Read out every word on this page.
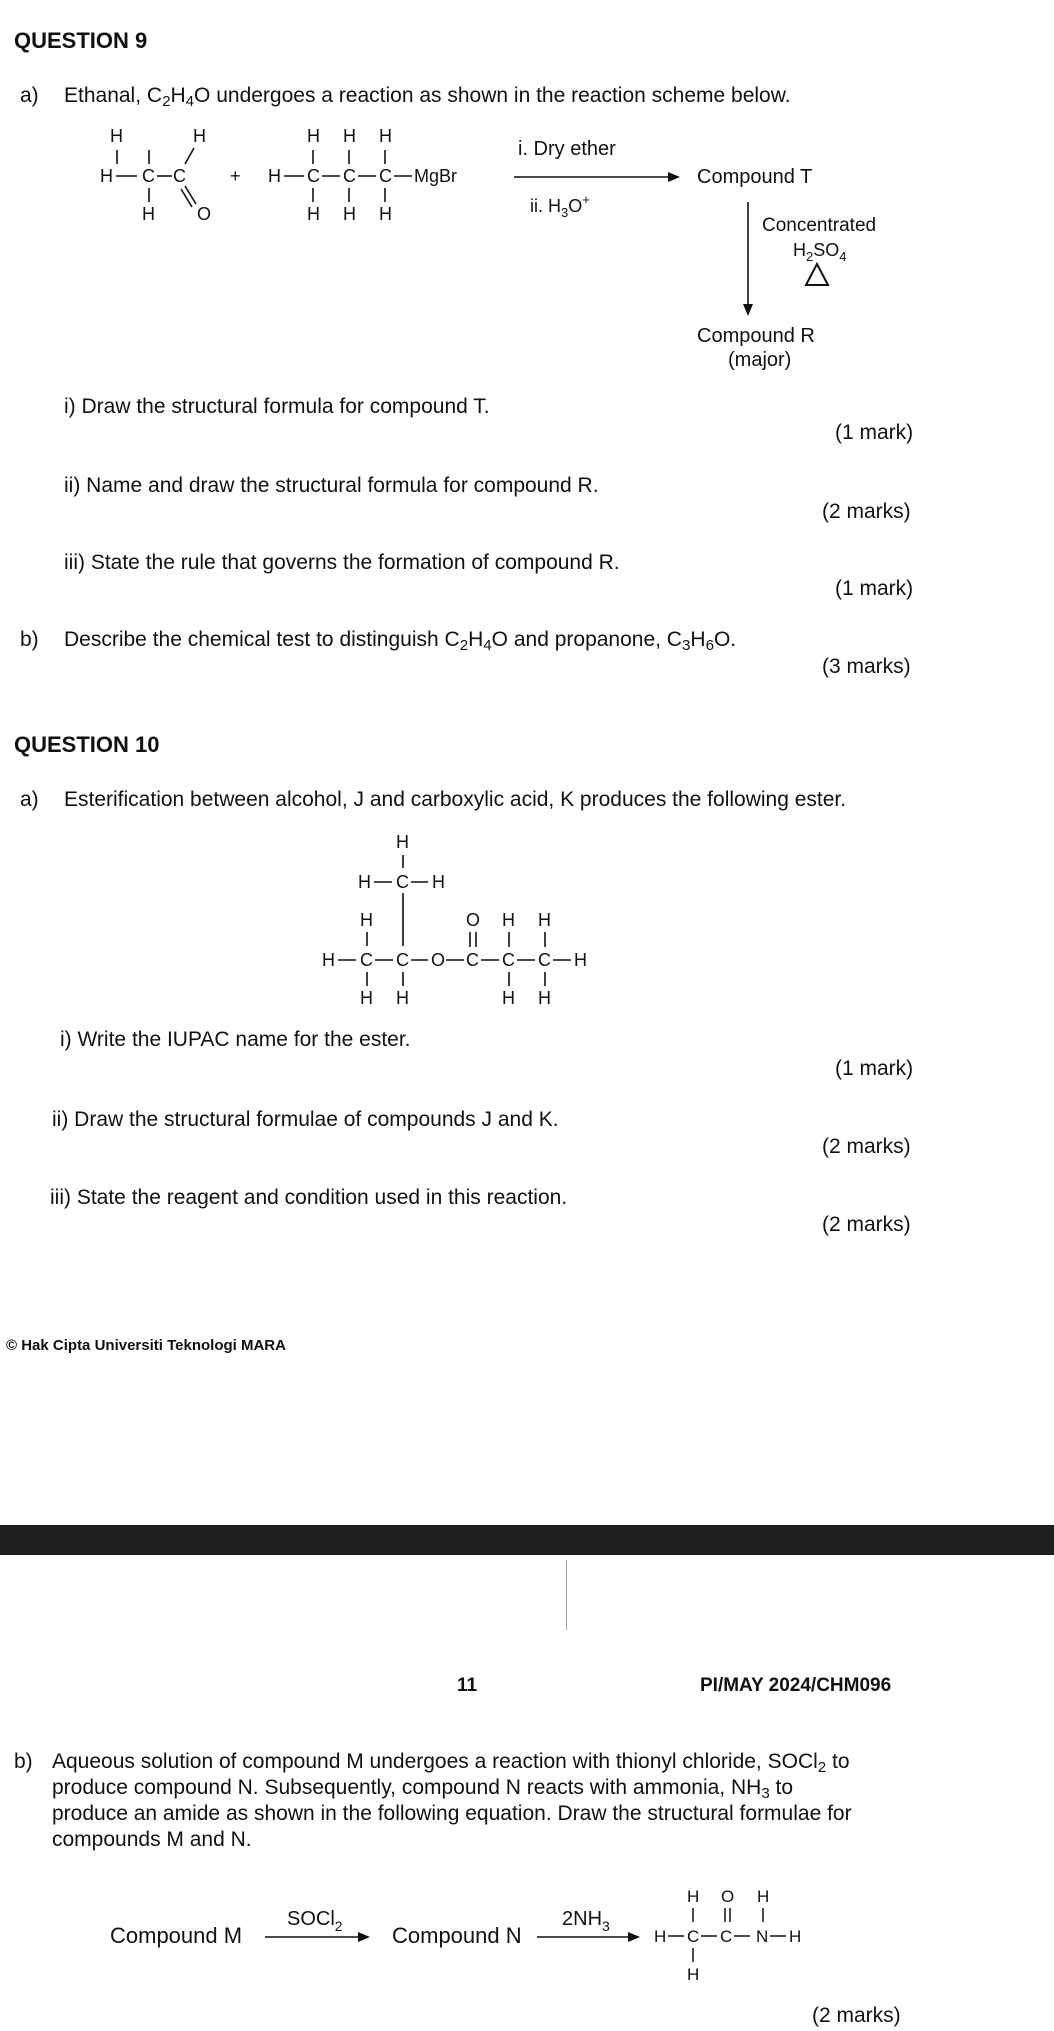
QUESTION 9
a) Ethanal, $C_2H_4O$ undergoes a reaction as shown in the reaction scheme below.
H	H
H C C
O
H
+ H C C C MgBr
H H H
H H H
i. Dry ether
ii. $H_3O^+$
Compound T
Concentrated
$H_2SO_4$
Compound R
(major)
i) Draw the structural formula for compound T.
(1 mark)
ii) Name and draw the structural formula for compound R.
(2 marks)
iii) State the rule that governs the formation of compound R.
(1 mark)
b) Describe the chemical test to distinguish $C_2H_4O$ and propanone, $C_3H_6O$.
(3 marks)
QUESTION 10
a) Esterification between alcohol, J and carboxylic acid, K produces the following ester.
H
H C H
H
H C C O C C C H
O H H
H H	H H
i) Write the IUPAC name for the ester.
(1 mark)
ii) Draw the structural formulae of compounds J and K.
(2 marks)
iii) State the reagent and condition used in this reaction.
(2 marks)
© Hak Cipta Universiti Teknologi MARA
11	PI/MAY 2024/CHM096
b) Aqueous solution of compound M undergoes a reaction with thionyl chloride, SOCl$_2$ to
produce compound N. Subsequently, compound N reacts with ammonia, $NH_3$ to
produce an amide as shown in the following equation. Draw the structural formulae for
compounds M and N.
Compound M
SOCl$_2$ Compound N
$2NH_3$
H O H
H C C N H
H
(2 marks)
